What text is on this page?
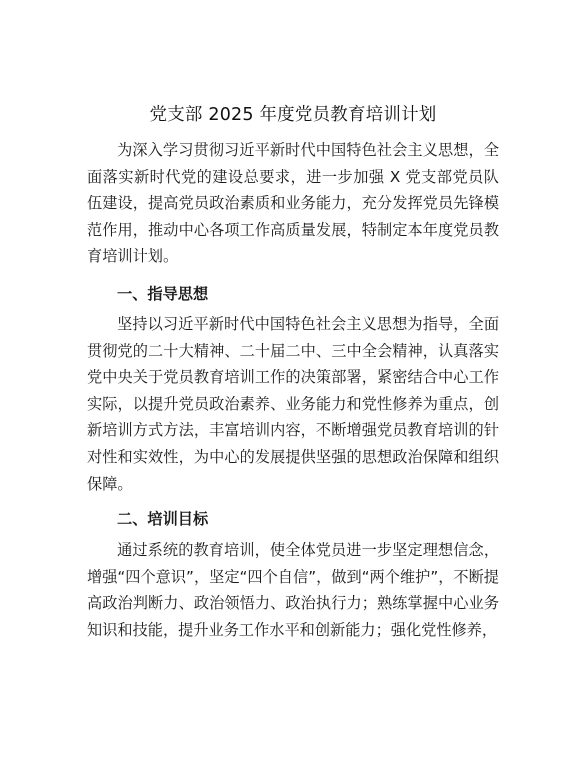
党支部 2025 年度党员教育培训计划

为深入学习贯彻习近平新时代中国特色社会主义思想，全面落实新时代党的建设总要求，进一步加强 X 党支部党员队伍建设，提高党员政治素质和业务能力，充分发挥党员先锋模范作用，推动中心各项工作高质量发展，特制定本年度党员教育培训计划。

一、指导思想

坚持以习近平新时代中国特色社会主义思想为指导，全面贯彻党的二十大精神、二十届二中、三中全会精神，认真落实党中央关于党员教育培训工作的决策部署，紧密结合中心工作实际，以提升党员政治素养、业务能力和党性修养为重点，创新培训方式方法，丰富培训内容，不断增强党员教育培训的针对性和实效性，为中心的发展提供坚强的思想政治保障和组织保障。

二、培训目标

通过系统的教育培训，使全体党员进一步坚定理想信念，增强“四个意识”，坚定“四个自信”，做到“两个维护”，不断提高政治判断力、政治领悟力、政治执行力；熟练掌握中心业务知识和技能，提升业务工作水平和创新能力；强化党性修养，
